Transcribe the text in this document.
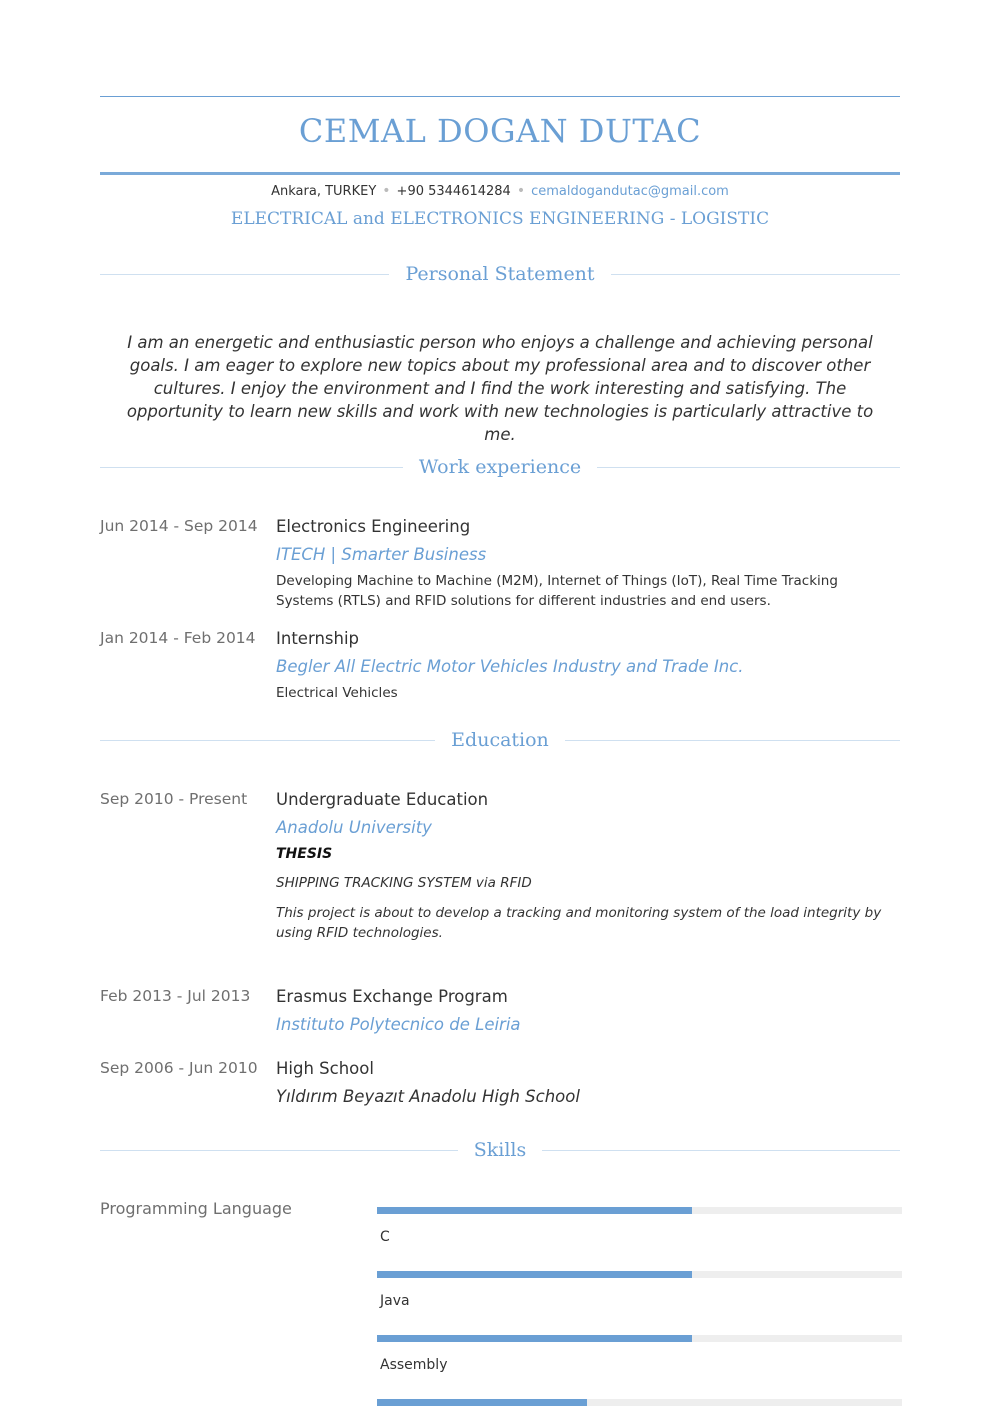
CEMAL DOGAN DUTAC
Ankara, TURKEY • +90 5344614284 • cemaldogandutac@gmail.com
ELECTRICAL and ELECTRONICS ENGINEERING - LOGISTIC
Personal Statement
I am an energetic and enthusiastic person who enjoys a challenge and achieving personal goals. I am eager to explore new topics about my professional area and to discover other cultures. I enjoy the environment and I find the work interesting and satisfying. The opportunity to learn new skills and work with new technologies is particularly attractive to me.
Work experience
Jun 2014 - Sep 2014 Electronics Engineering

ITECH | Smarter Business

Developing Machine to Machine (M2M), Internet of Things (IoT), Real Time Tracking Systems (RTLS) and RFID solutions for different industries and end users.

Jan 2014 - Feb 2014 Internship

Begler All Electric Motor Vehicles Industry and Trade Inc.

Electrical Vehicles

Education
Sep 2010 - Present Undergraduate Education

Anadolu University

THESIS

SHIPPING TRACKING SYSTEM via RFID

This project is about to develop a tracking and monitoring system of the load integrity by using RFID technologies.

Feb 2013 - Jul 2013 Erasmus Exchange Program

Instituto Polytecnico de Leiria

Sep 2006 - Jun 2010 High School

Yıldırım Beyazıt Anadolu High School

Skills
Programming Language
C
Java
Assembly
